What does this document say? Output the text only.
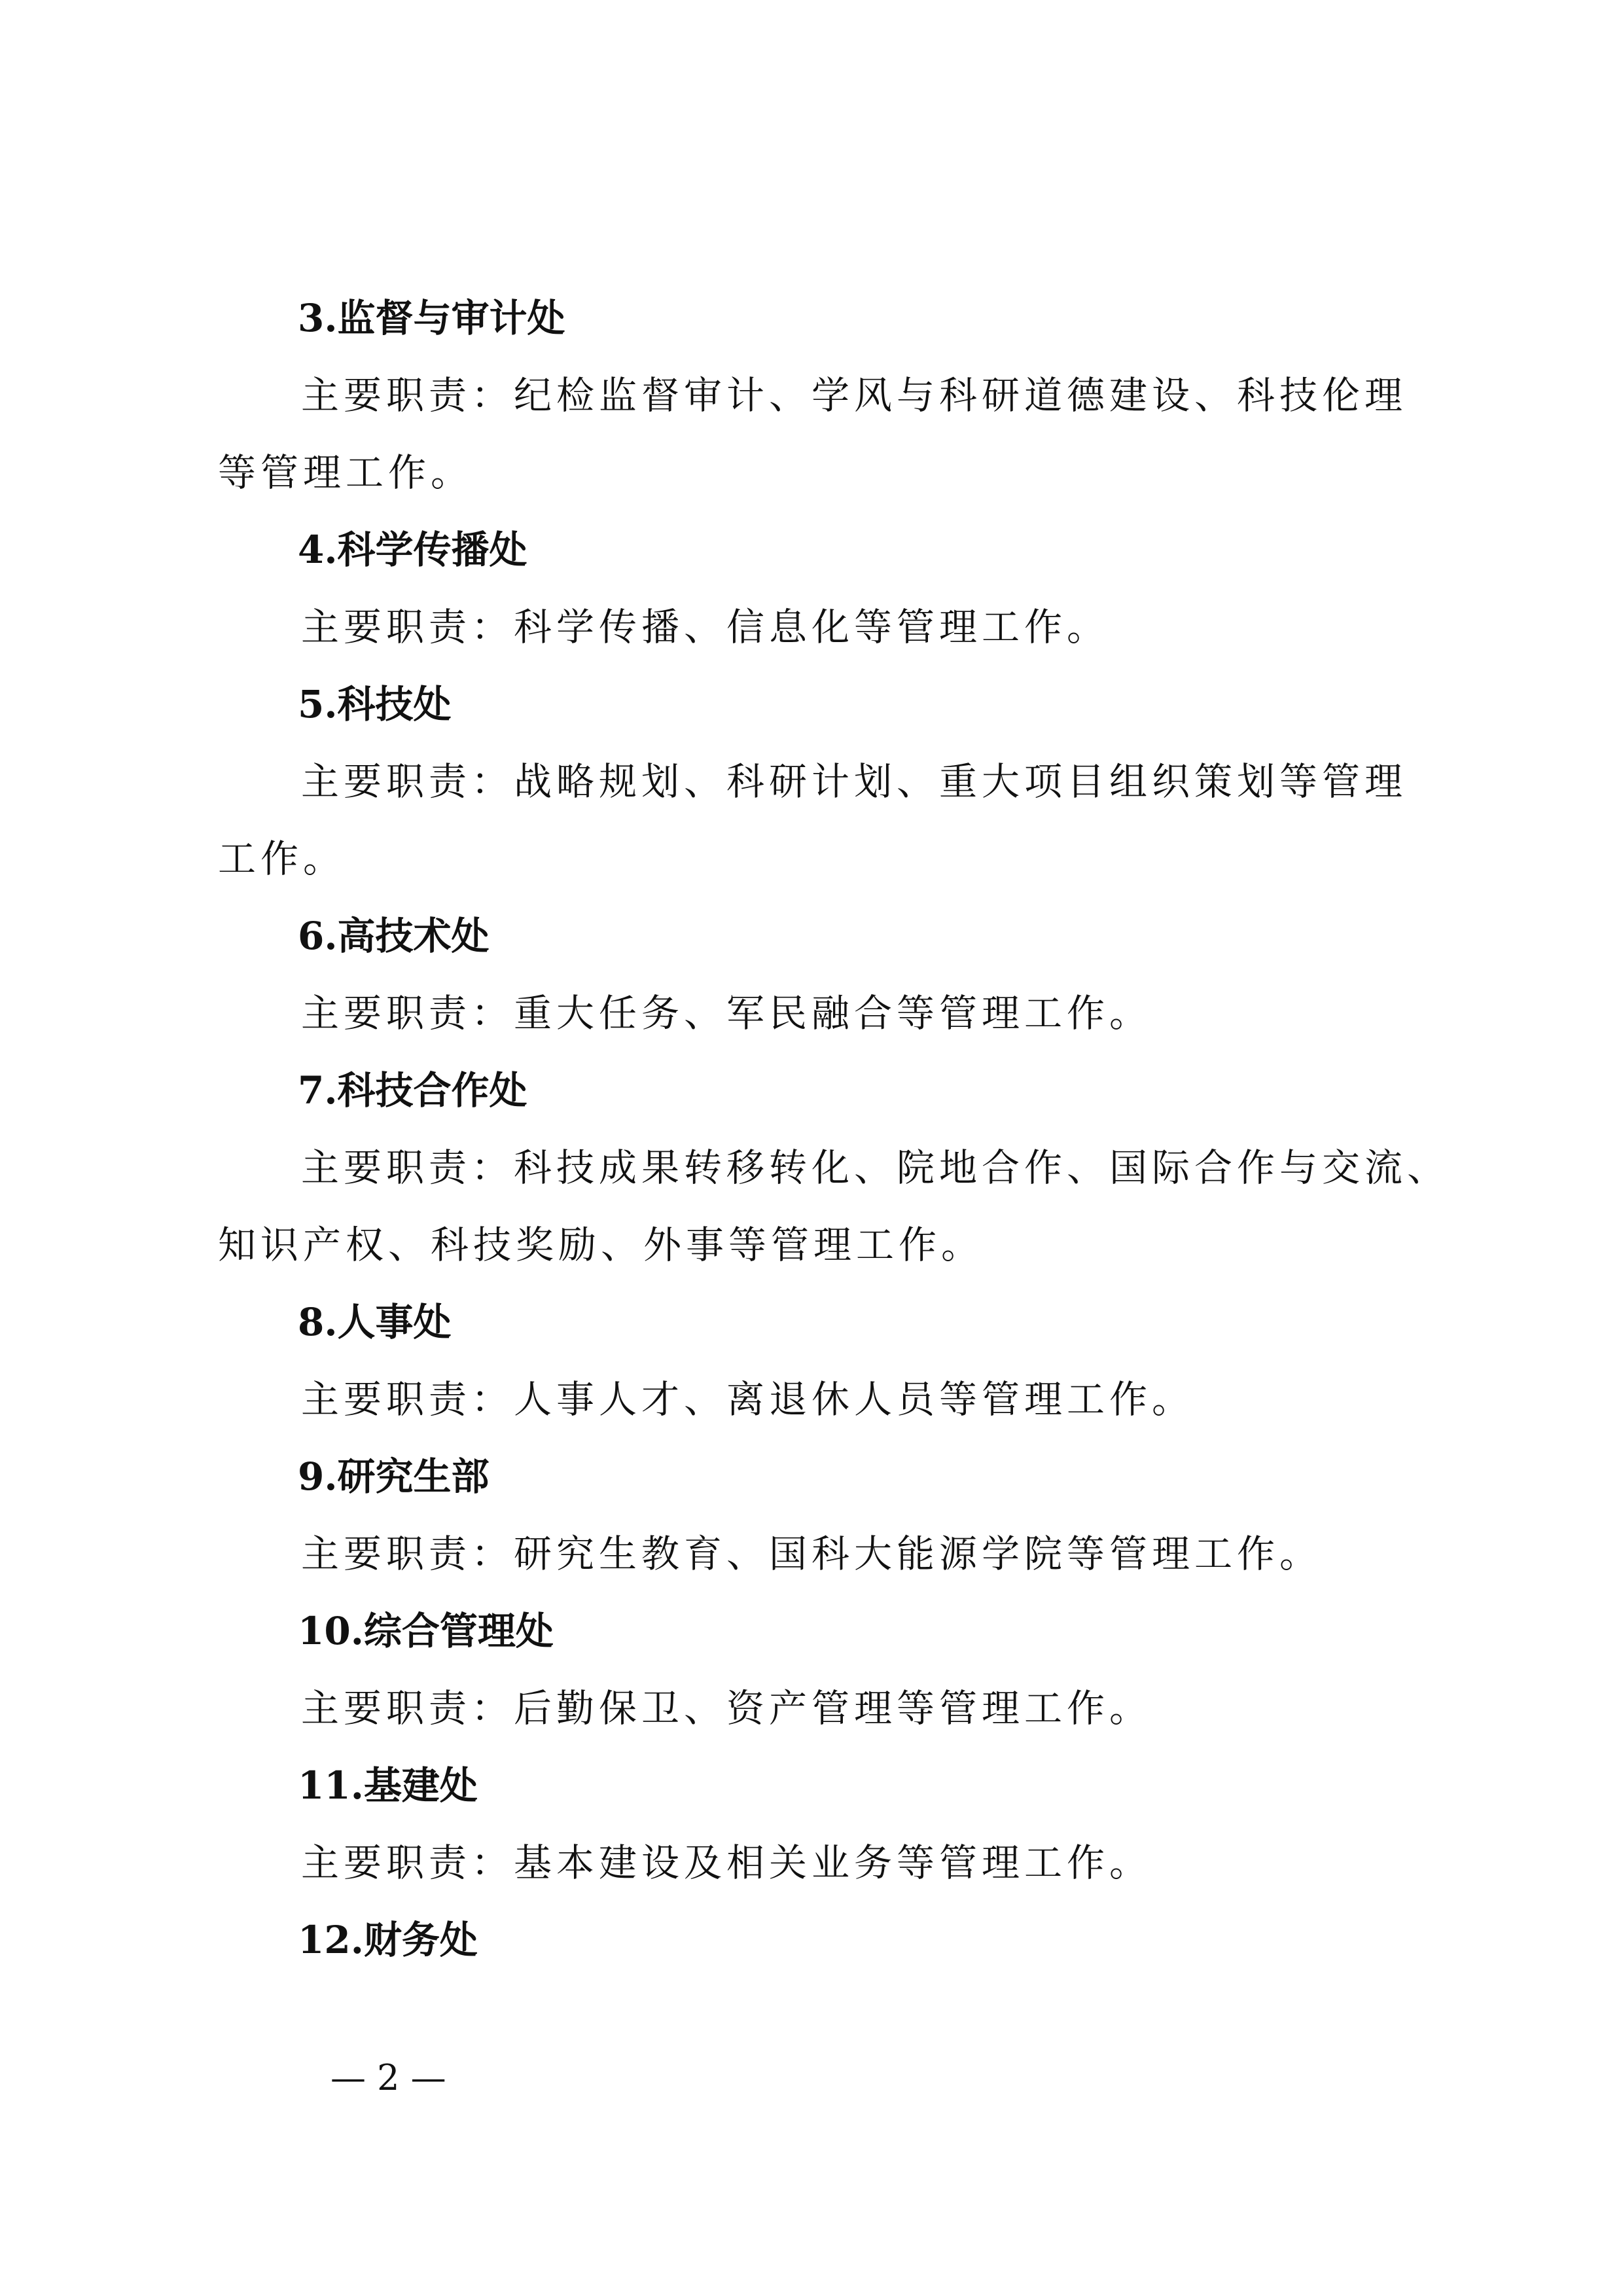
3.监督与审计处
主要职责：纪检监督审计、学风与科研道德建设、科技伦理
等管理工作。
4.科学传播处
主要职责：科学传播、信息化等管理工作。
5.科技处
主要职责：战略规划、科研计划、重大项目组织策划等管理
工作。
6.高技术处
主要职责：重大任务、军民融合等管理工作。
7.科技合作处
主要职责：科技成果转移转化、院地合作、国际合作与交流、
知识产权、科技奖励、外事等管理工作。
8.人事处
主要职责：人事人才、离退休人员等管理工作。
9.研究生部
主要职责：研究生教育、国科大能源学院等管理工作。
10.综合管理处
主要职责：后勤保卫、资产管理等管理工作。
11.基建处
主要职责：基本建设及相关业务等管理工作。
12.财务处
— 2 —
